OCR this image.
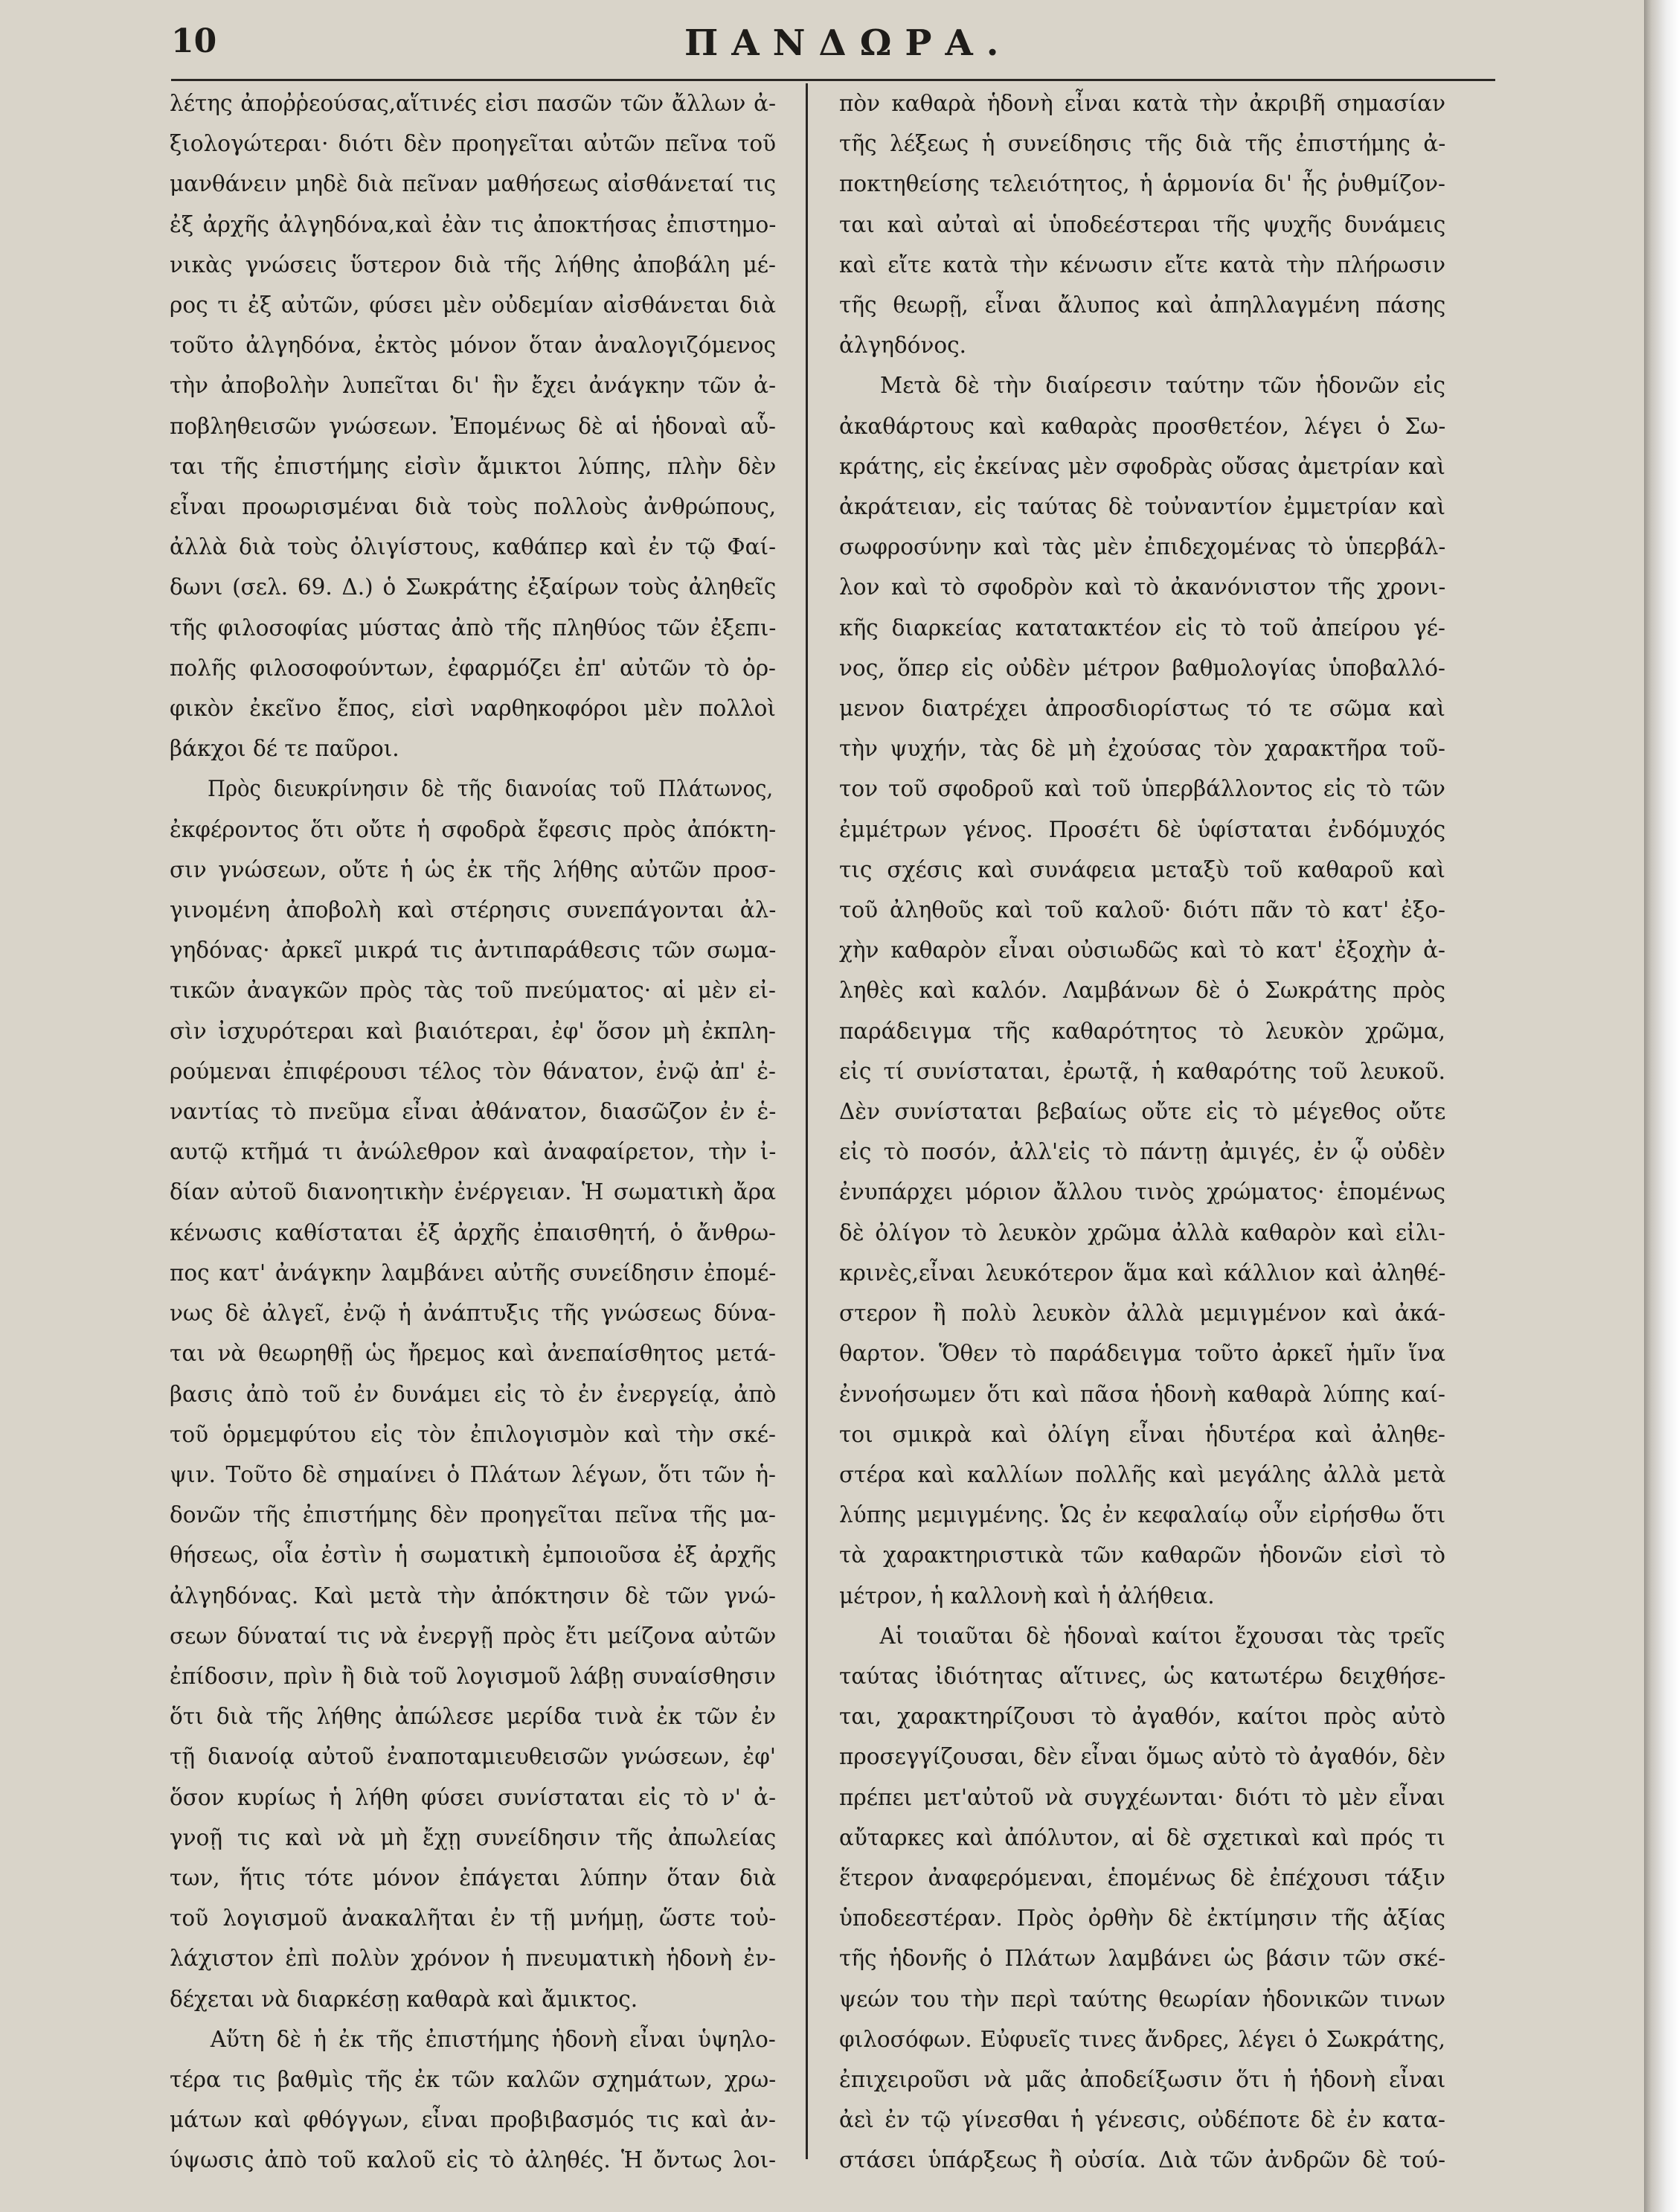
10	ΠΑΝΔΩΡΑ.
λέτης ἀποῤῥεούσας,αἵτινές εἰσι πασῶν τῶν ἄλλων ἀ-
ξιολογώτεραι· διότι δὲν προηγεῖται αὐτῶν πεῖνα τοῦ
μανθάνειν μηδὲ διὰ πεῖναν μαθήσεως αἰσθάνεταί τις
ἐξ ἀρχῆς ἀλγηδόνα,καὶ ἐὰν τις ἀποκτήσας ἐπιστημο-
νικὰς γνώσεις ὕστερον διὰ τῆς λήθης ἀποβάλη μέ-
ρος τι ἐξ αὐτῶν, φύσει μὲν οὐδεμίαν αἰσθάνεται διὰ
τοῦτο ἀλγηδόνα, ἐκτὸς μόνον ὅταν ἀναλογιζόμενος
τὴν ἀποβολὴν λυπεῖται δι' ἣν ἔχει ἀνάγκην τῶν ἀ-
ποβληθεισῶν γνώσεων. Ἐπομένως δὲ αἱ ἡδοναὶ αὗ-
ται τῆς ἐπιστήμης εἰσὶν ἄμικτοι λύπης, πλὴν δὲν
εἶναι προωρισμέναι διὰ τοὺς πολλοὺς ἀνθρώπους,
ἀλλὰ διὰ τοὺς ὀλιγίστους, καθάπερ καὶ ἐν τῷ Φαί-
δωνι (σελ. 69. Δ.) ὁ Σωκράτης ἐξαίρων τοὺς ἀληθεῖς
τῆς φιλοσοφίας μύστας ἀπὸ τῆς πληθύος τῶν ἐξεπι-
πολῆς φιλοσοφούντων, ἐφαρμόζει ἐπ' αὐτῶν τὸ ὀρ-
φικὸν ἐκεῖνο ἔπος, εἰσὶ ναρθηκοφόροι μὲν πολλοὶ
βάκχοι δέ τε παῦροι.
Πρὸς διευκρίνησιν δὲ τῆς διανοίας τοῦ Πλάτωνος,
ἐκφέροντος ὅτι οὔτε ἡ σφοδρὰ ἔφεσις πρὸς ἀπόκτη-
σιν γνώσεων, οὔτε ἡ ὡς ἐκ τῆς λήθης αὐτῶν προσ-
γινομένη ἀποβολὴ καὶ στέρησις συνεπάγονται ἀλ-
γηδόνας· ἀρκεῖ μικρά τις ἀντιπαράθεσις τῶν σωμα-
τικῶν ἀναγκῶν πρὸς τὰς τοῦ πνεύματος· αἱ μὲν εἰ-
σὶν ἰσχυρότεραι καὶ βιαιότεραι, ἐφ' ὅσον μὴ ἐκπλη-
ρούμεναι ἐπιφέρουσι τέλος τὸν θάνατον, ἐνῷ ἀπ' ἐ-
ναντίας τὸ πνεῦμα εἶναι ἀθάνατον, διασῶζον ἐν ἑ-
αυτῷ κτῆμά τι ἀνώλεθρον καὶ ἀναφαίρετον, τὴν ἰ-
δίαν αὐτοῦ διανοητικὴν ἐνέργειαν. Ἡ σωματικὴ ἄρα
κένωσις καθίσταται ἐξ ἀρχῆς ἐπαισθητή, ὁ ἄνθρω-
πος κατ' ἀνάγκην λαμβάνει αὐτῆς συνείδησιν ἐπομέ-
νως δὲ ἀλγεῖ, ἐνῷ ἡ ἀνάπτυξις τῆς γνώσεως δύνα-
ται νὰ θεωρηθῇ ὡς ἤρεμος καὶ ἀνεπαίσθητος μετά-
βασις ἀπὸ τοῦ ἐν δυνάμει εἰς τὸ ἐν ἐνεργείᾳ, ἀπὸ
τοῦ ὁρμεμφύτου εἰς τὸν ἐπιλογισμὸν καὶ τὴν σκέ-
ψιν. Τοῦτο δὲ σημαίνει ὁ Πλάτων λέγων, ὅτι τῶν ἡ-
δονῶν τῆς ἐπιστήμης δὲν προηγεῖται πεῖνα τῆς μα-
θήσεως, οἷα ἐστὶν ἡ σωματικὴ ἐμποιοῦσα ἐξ ἀρχῆς
ἀλγηδόνας. Καὶ μετὰ τὴν ἀπόκτησιν δὲ τῶν γνώ-
σεων δύναταί τις νὰ ἐνεργῇ πρὸς ἔτι μείζονα αὐτῶν
ἐπίδοσιν, πρὶν ἢ διὰ τοῦ λογισμοῦ λάβῃ συναίσθησιν
ὅτι διὰ τῆς λήθης ἀπώλεσε μερίδα τινὰ ἐκ τῶν ἐν
τῇ διανοίᾳ αὐτοῦ ἐναποταμιευθεισῶν γνώσεων, ἐφ'
ὅσον κυρίως ἡ λήθη φύσει συνίσταται εἰς τὸ ν' ἀ-
γνοῇ τις καὶ νὰ μὴ ἔχῃ συνείδησιν τῆς ἀπωλείας
των, ἥτις τότε μόνον ἐπάγεται λύπην ὅταν διὰ
τοῦ λογισμοῦ ἀνακαλῆται ἐν τῇ μνήμῃ, ὥστε τοὐ-
λάχιστον ἐπὶ πολὺν χρόνον ἡ πνευματικὴ ἡδονὴ ἐν-
δέχεται νὰ διαρκέσῃ καθαρὰ καὶ ἄμικτος.
Αὕτη δὲ ἡ ἐκ τῆς ἐπιστήμης ἡδονὴ εἶναι ὑψηλο-
τέρα τις βαθμὶς τῆς ἐκ τῶν καλῶν σχημάτων, χρω-
μάτων καὶ φθόγγων, εἶναι προβιβασμός τις καὶ ἀν-
ύψωσις ἀπὸ τοῦ καλοῦ εἰς τὸ ἀληθές. Ἡ ὄντως λοι-
πὸν καθαρὰ ἡδονὴ εἶναι κατὰ τὴν ἀκριβῆ σημασίαν
τῆς λέξεως ἡ συνείδησις τῆς διὰ τῆς ἐπιστήμης ἀ-
ποκτηθείσης τελειότητος, ἡ ἁρμονία δι' ἧς ῥυθμίζον-
ται καὶ αὐταὶ αἱ ὑποδεέστεραι τῆς ψυχῆς δυνάμεις
καὶ εἴτε κατὰ τὴν κένωσιν εἴτε κατὰ τὴν πλήρωσιν
τῆς θεωρῇ, εἶναι ἄλυπος καὶ ἀπηλλαγμένη πάσης
ἀλγηδόνος.
Μετὰ δὲ τὴν διαίρεσιν ταύτην τῶν ἡδονῶν εἰς
ἀκαθάρτους καὶ καθαρὰς προσθετέον, λέγει ὁ Σω-
κράτης, εἰς ἐκείνας μὲν σφοδρὰς οὔσας ἀμετρίαν καὶ
ἀκράτειαν, εἰς ταύτας δὲ τοὐναντίον ἐμμετρίαν καὶ
σωφροσύνην καὶ τὰς μὲν ἐπιδεχομένας τὸ ὑπερβάλ-
λον καὶ τὸ σφοδρὸν καὶ τὸ ἀκανόνιστον τῆς χρονι-
κῆς διαρκείας κατατακτέον εἰς τὸ τοῦ ἀπείρου γέ-
νος, ὅπερ εἰς οὐδὲν μέτρον βαθμολογίας ὑποβαλλό-
μενον διατρέχει ἀπροσδιορίστως τό τε σῶμα καὶ
τὴν ψυχήν, τὰς δὲ μὴ ἐχούσας τὸν χαρακτῆρα τοῦ-
τον τοῦ σφοδροῦ καὶ τοῦ ὑπερβάλλοντος εἰς τὸ τῶν
ἐμμέτρων γένος. Προσέτι δὲ ὑφίσταται ἐνδόμυχός
τις σχέσις καὶ συνάφεια μεταξὺ τοῦ καθαροῦ καὶ
τοῦ ἀληθοῦς καὶ τοῦ καλοῦ· διότι πᾶν τὸ κατ' ἐξο-
χὴν καθαρὸν εἶναι οὐσιωδῶς καὶ τὸ κατ' ἐξοχὴν ἀ-
ληθὲς καὶ καλόν. Λαμβάνων δὲ ὁ Σωκράτης πρὸς
παράδειγμα τῆς καθαρότητος τὸ λευκὸν χρῶμα,
εἰς τί συνίσταται, ἐρωτᾷ, ἡ καθαρότης τοῦ λευκοῦ.
Δὲν συνίσταται βεβαίως οὔτε εἰς τὸ μέγεθος οὔτε
εἰς τὸ ποσόν, ἀλλ'εἰς τὸ πάντῃ ἀμιγές, ἐν ᾧ οὐδὲν
ἐνυπάρχει μόριον ἄλλου τινὸς χρώματος· ἑπομένως
δὲ ὀλίγον τὸ λευκὸν χρῶμα ἀλλὰ καθαρὸν καὶ εἰλι-
κρινὲς,εἶναι λευκότερον ἅμα καὶ κάλλιον καὶ ἀληθέ-
στερον ἢ πολὺ λευκὸν ἀλλὰ μεμιγμένον καὶ ἀκά-
θαρτον. Ὅθεν τὸ παράδειγμα τοῦτο ἀρκεῖ ἡμῖν ἵνα
ἐννοήσωμεν ὅτι καὶ πᾶσα ἡδονὴ καθαρὰ λύπης καί-
τοι σμικρὰ καὶ ὀλίγη εἶναι ἡδυτέρα καὶ ἀληθε-
στέρα καὶ καλλίων πολλῆς καὶ μεγάλης ἀλλὰ μετὰ
λύπης μεμιγμένης. Ὡς ἐν κεφαλαίῳ οὖν εἰρήσθω ὅτι
τὰ χαρακτηριστικὰ τῶν καθαρῶν ἡδονῶν εἰσὶ τὸ
μέτρον, ἡ καλλονὴ καὶ ἡ ἀλήθεια.
Αἱ τοιαῦται δὲ ἡδοναὶ καίτοι ἔχουσαι τὰς τρεῖς
ταύτας ἰδιότητας αἵτινες, ὡς κατωτέρω δειχθήσε-
ται, χαρακτηρίζουσι τὸ ἀγαθόν, καίτοι πρὸς αὐτὸ
προσεγγίζουσαι, δὲν εἶναι ὅμως αὐτὸ τὸ ἀγαθόν, δὲν
πρέπει μετ'αὐτοῦ νὰ συγχέωνται· διότι τὸ μὲν εἶναι
αὔταρκες καὶ ἀπόλυτον, αἱ δὲ σχετικαὶ καὶ πρός τι
ἕτερον ἀναφερόμεναι, ἑπομένως δὲ ἐπέχουσι τάξιν
ὑποδεεστέραν. Πρὸς ὀρθὴν δὲ ἐκτίμησιν τῆς ἀξίας
τῆς ἡδονῆς ὁ Πλάτων λαμβάνει ὡς βάσιν τῶν σκέ-
ψεών του τὴν περὶ ταύτης θεωρίαν ἡδονικῶν τινων
φιλοσόφων. Εὐφυεῖς τινες ἄνδρες, λέγει ὁ Σωκράτης,
ἐπιχειροῦσι νὰ μᾶς ἀποδείξωσιν ὅτι ἡ ἡδονὴ εἶναι
ἀεὶ ἐν τῷ γίνεσθαι ἡ γένεσις, οὐδέποτε δὲ ἐν κατα-
στάσει ὑπάρξεως ἢ οὐσία. Διὰ τῶν ἀνδρῶν δὲ τού-
